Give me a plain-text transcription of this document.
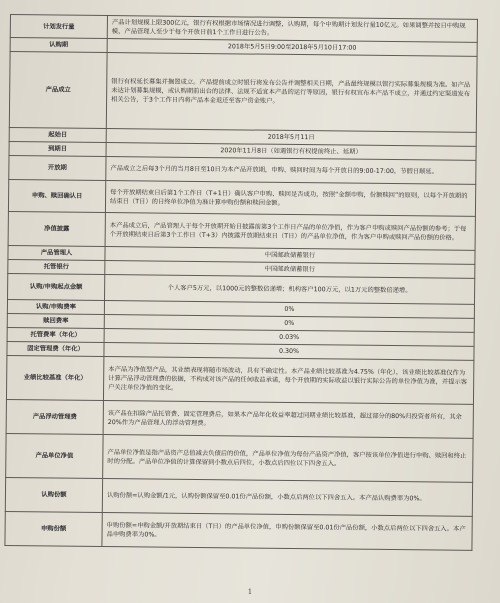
计划发行量	产品计划规模上限300亿元，银行有权根据市场情况进行调整，认购期，每个中购期计划发行量10亿元。如果调整并按日中购规模，产品管理人至少于每个开放日前1个工作日进行公告。
认购期	2018年5月5日9:00至2018年5月10日17:00
产品成立	银行有权延长募集并搁置成立。产品提前成立时银行将发布公告并调整相关日期，产品最终规模以银行实际募集规模为准。如产品未达计划募集规模，或认购期前出台的法律、法规不适宜本产品的运行等原因，银行有权宣布本产品不成立，并通过约定渠道发布相关公告，于3个工作日内将产品本金退还至客户资金账户。
起始日	2018年5月11日
到期日	2020年11月8日（如遇银行有权提前终止、延期）
开放期	产品成立之后每3个月的当月8日至10日为本产品开放期，申购、赎回时间为每个开放日的9:00-17:00，节假日顺延。
申购、赎回确认日	每个开放期结束日后第1个工作日（T+1日）确认客户申购、赎回是否成功，按照“金额申购，份额赎回”的原则，以每个开放期的结束日（T日）的日终单位净值为准计算申购份额和赎回金额。
净值披露	本产品成立后，产品管理人于每个开放期开始日披露前第3个工作日产品的单位净值，作为客户申购或赎回产品份额的参考；于每个开放期结束日后第3个工作日（T+3）内披露开放期结束日（T日）的产品单位净值，作为客户申购或赎回产品份额的价格。
产品管理人	中国邮政储蓄银行
托管银行	中国邮政储蓄银行
认购/申购起点金额	个人客户5万元，以1000元的整数倍递增；机构客户100万元，以1万元的整数倍递增。
认购/申购费率	0%
赎回费率	0%
托管费率（年化）	0.03%
固定管理费（年化）	0.30%
业绩比较基准（年化）	本产品为净值型产品，其业绩表现将随市场波动，具有不确定性。本产品业绩比较基准为4.75%（年化），该业绩比较基准仅作为计算产品浮动管理费的依据，不构成对该产品的任何收益承诺，每个开放期的实际收益以银行实际公告的单位净值为准，并提示客户关注单位净值的变化。
产品浮动管理费	该产品在扣除产品托管费、固定管理费后，如果本产品年化收益率超过同期业绩比较基准，超过部分的80%归投资者所有，其余20%作为产品管理人的浮动管理费。
产品单位净值	产品单位净值是指产品资产总值减去负债后的价值，产品单位净值为每份产品资产净值，客户按该单位净值进行申购、赎回和终止时的分配。产品单位净值的计算保留到小数点后四位，小数点后四位以下四舍五入。
认购份额	认购份额=认购金额/1元，认购份额保留至0.01份产品份额，小数点后两位以下四舍五入。本产品认购费率为0%。
申购份额	申购份额=申购金额/开放期结束日（T日）的产品单位净值，申购份额保留至0.01份产品份额，小数点后两位以下四舍五入。本产品申购费率为0%。
1
